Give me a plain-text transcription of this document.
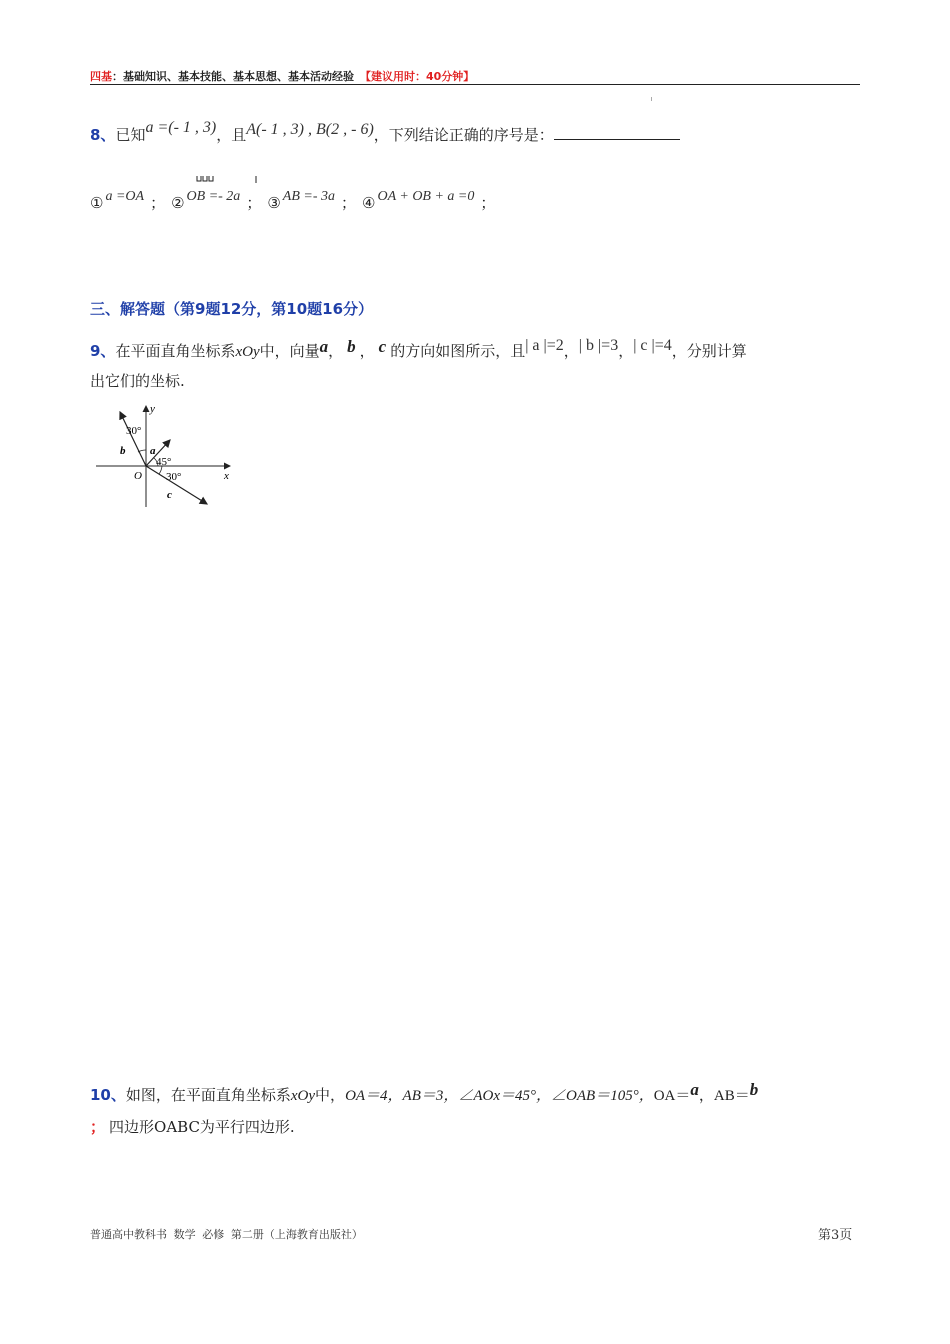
四基：基础知识、基本技能、基本思想、基本活动经验 【建议用时：40分钟】
8、已知a =(- 1 , 3)，且A(- 1 , 3) , B(2 , - 6)，下列结论正确的序号是：
① a =OA ； ② OB =- 2a ； ③ AB =- 3a ； ④ OA + OB + a =0 ；
三、解答题（第9题12分，第10题16分）
9、在平面直角坐标系xOy中，向量a， b ， c 的方向如图所示，且| a |=2，| b |=3，| c |=4，分别计算
出它们的坐标.
y
x
O
b a
c
30°
45°
30°
10、如图，在平面直角坐标系xOy中，OA＝4，AB＝3，∠AOx＝45°，∠OAB＝105°，OA＝a，AB＝b
； 四边形OABC为平行四边形.
普通高中教科书 数学 必修 第二册（上海教育出版社）	第3页
